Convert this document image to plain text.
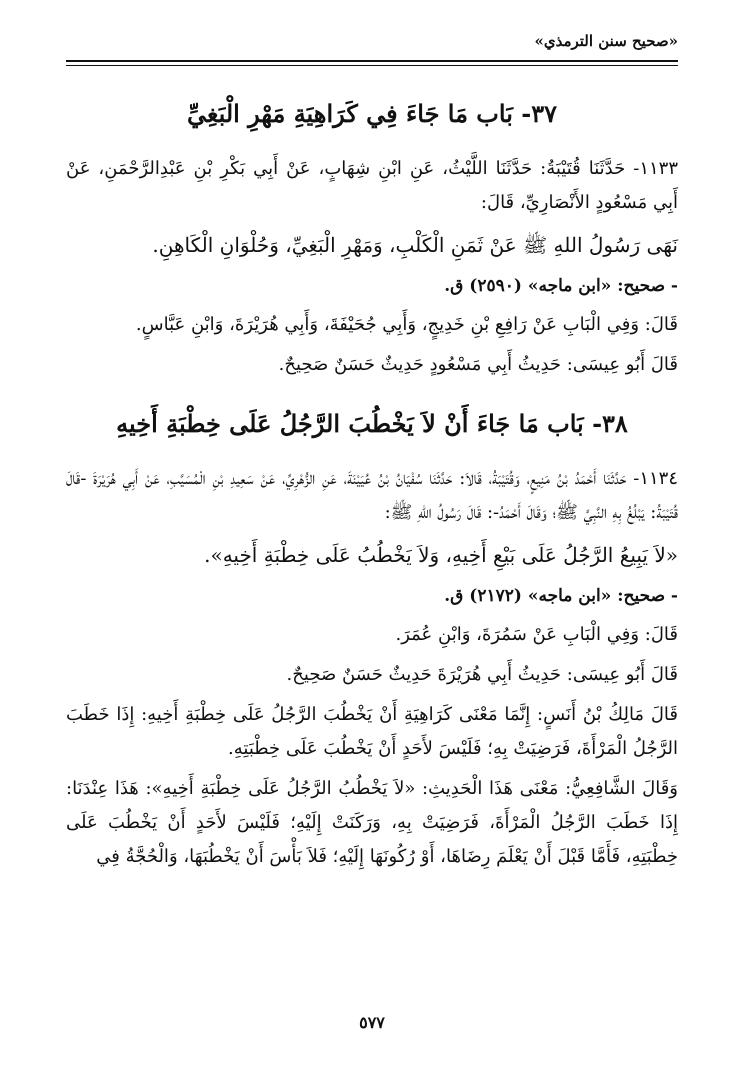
«صحيح سنن الترمذي»
٣٧- بَاب مَا جَاءَ فِي كَرَاهِيَةِ مَهْرِ الْبَغِيِّ

١١٣٣- حَدَّثَنَا قُتَيْبَةُ: حَدَّثَنَا اللَّيْثُ، عَنِ ابْنِ شِهَابٍ، عَنْ أَبِي بَكْرِ بْنِ عَبْدِالرَّحْمَنِ، عَنْ أَبِي مَسْعُودٍ الأَنْصَارِيِّ، قَالَ:

نَهَى رَسُولُ اللهِ ﷺ عَنْ ثَمَنِ الْكَلْبِ، وَمَهْرِ الْبَغِيِّ، وَحُلْوَانِ الْكَاهِنِ.

- صحيح: «ابن ماجه» (٢٥٩٠) ق.

قَالَ: وَفِي الْبَابِ عَنْ رَافِعِ بْنِ خَدِيجٍ، وَأَبِي جُحَيْفَةَ، وَأَبِي هُرَيْرَةَ، وَابْنِ عَبَّاسٍ.

قَالَ أَبُو عِيسَى: حَدِيثُ أَبِي مَسْعُودٍ حَدِيثٌ حَسَنٌ صَحِيحٌ.

٣٨- بَاب مَا جَاءَ أَنْ لاَ يَخْطُبَ الرَّجُلُ عَلَى خِطْبَةِ أَخِيهِ

١١٣٤- حَدَّثَنَا أَحْمَدُ بْنُ مَنِيعٍ، وَقُتَيْبَةُ، قَالاَ: حَدَّثَنَا سُفْيَانُ بْنُ عُيَيْنَةَ، عَنِ الزُّهْرِيِّ، عَنْ سَعِيدِ بْنِ الْمُسَيَّبِ، عَنْ أَبِي هُرَيْرَةَ -قَالَ قُتَيْبَةُ: يَبْلُغُ بِهِ النَّبِيَّ ﷺ؛ وَقَالَ أَحْمَدُ-: قَالَ رَسُولُ اللهِ ﷺ:

«لاَ يَبِيعُ الرَّجُلُ عَلَى بَيْعِ أَخِيهِ، وَلاَ يَخْطُبُ عَلَى خِطْبَةِ أَخِيهِ».

- صحيح: «ابن ماجه» (٢١٧٢) ق.

قَالَ: وَفِي الْبَابِ عَنْ سَمُرَةَ، وَابْنِ عُمَرَ.

قَالَ أَبُو عِيسَى: حَدِيثُ أَبِي هُرَيْرَةَ حَدِيثٌ حَسَنٌ صَحِيحٌ.

قَالَ مَالِكُ بْنُ أَنَسٍ: إِنَّمَا مَعْنَى كَرَاهِيَةِ أَنْ يَخْطُبَ الرَّجُلُ عَلَى خِطْبَةِ أَخِيهِ: إِذَا خَطَبَ الرَّجُلُ الْمَرْأَةَ، فَرَضِيَتْ بِهِ؛ فَلَيْسَ لأَحَدٍ أَنْ يَخْطُبَ عَلَى خِطْبَتِهِ.

وَقَالَ الشَّافِعِيُّ: مَعْنَى هَذَا الْحَدِيثِ: «لاَ يَخْطُبُ الرَّجُلُ عَلَى خِطْبَةِ أَخِيهِ»: هَذَا عِنْدَنَا: إِذَا خَطَبَ الرَّجُلُ الْمَرْأَةَ، فَرَضِيَتْ بِهِ، وَرَكَنَتْ إِلَيْهِ؛ فَلَيْسَ لأَحَدٍ أَنْ يَخْطُبَ عَلَى خِطْبَتِهِ، فَأَمَّا قَبْلَ أَنْ يَعْلَمَ رِضَاهَا، أَوْ رُكُونَهَا إِلَيْهِ؛ فَلاَ بَأْسَ أَنْ يَخْطُبَهَا، وَالْحُجَّةُ فِي

٥٧٧
